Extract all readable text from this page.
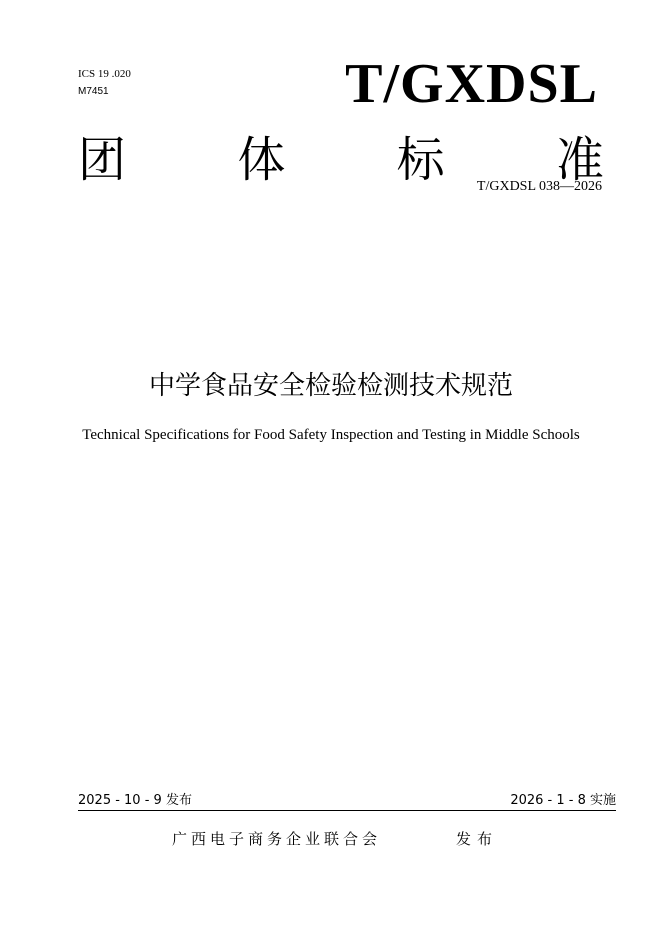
ICS 19 .020
M7451	T/GXDSL
团 体 标 准
T/GXDSL 038—2026
中学食品安全检验检测技术规范
Technical Specifications for Food Safety Inspection and Testing in Middle Schools
2025 - 10 - 9 发布	2026 - 1 - 8 实施
广西电子商务企业联合会	发布
